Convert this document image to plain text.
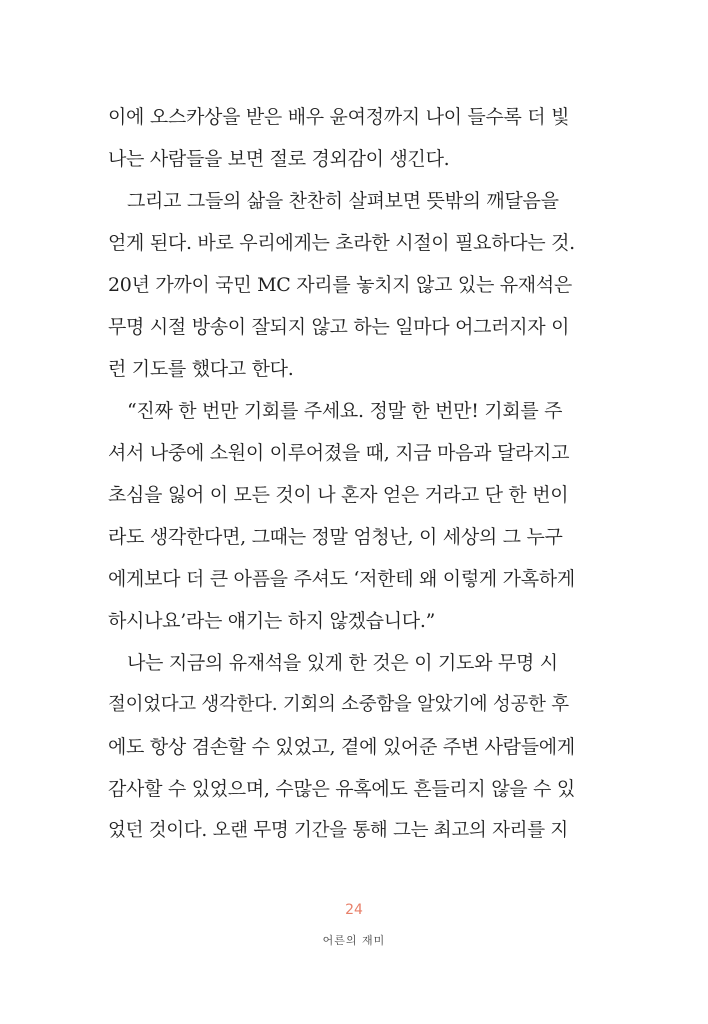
이에 오스카상을 받은 배우 윤여정까지 나이 들수록 더 빛
나는 사람들을 보면 절로 경외감이 생긴다.
그리고 그들의 삶을 찬찬히 살펴보면 뜻밖의 깨달음을
얻게 된다. 바로 우리에게는 초라한 시절이 필요하다는 것.
20년 가까이 국민 MC 자리를 놓치지 않고 있는 유재석은
무명 시절 방송이 잘되지 않고 하는 일마다 어그러지자 이
런 기도를 했다고 한다.
“진짜 한 번만 기회를 주세요. 정말 한 번만! 기회를 주
셔서 나중에 소원이 이루어졌을 때, 지금 마음과 달라지고
초심을 잃어 이 모든 것이 나 혼자 얻은 거라고 단 한 번이
라도 생각한다면, 그때는 정말 엄청난, 이 세상의 그 누구
에게보다 더 큰 아픔을 주셔도 ‘저한테 왜 이렇게 가혹하게
하시나요’라는 얘기는 하지 않겠습니다.”
나는 지금의 유재석을 있게 한 것은 이 기도와 무명 시
절이었다고 생각한다. 기회의 소중함을 알았기에 성공한 후
에도 항상 겸손할 수 있었고, 곁에 있어준 주변 사람들에게
감사할 수 있었으며, 수많은 유혹에도 흔들리지 않을 수 있
었던 것이다. 오랜 무명 기간을 통해 그는 최고의 자리를 지
24
어른의 재미
